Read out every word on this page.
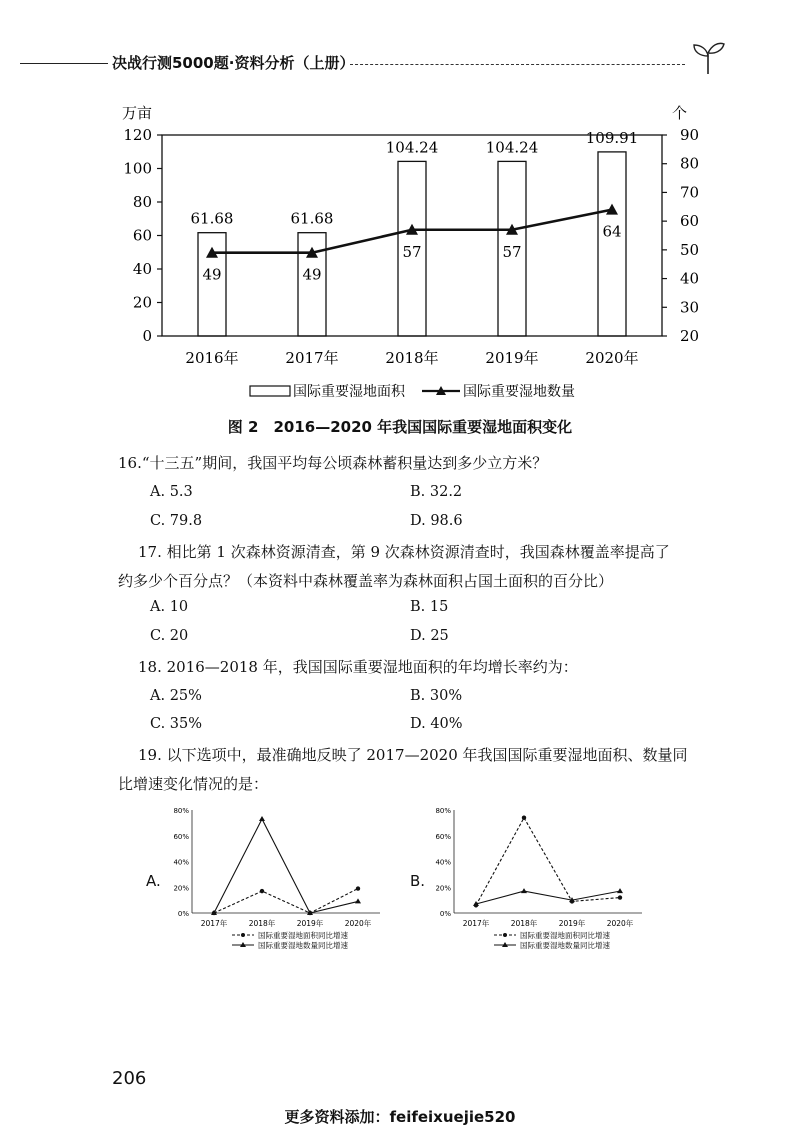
决战行测5000题·资料分析（上册）
万亩	个
0
20
40
60
80
100
120
20
30
40
50
60
70
80
90
61.68	61.68
104.24	104.24
109.91
49	49
57	57
64
2016年	2017年	2018年	2019年	2020年
国际重要湿地面积	国际重要湿地数量
图 2　2016—2020 年我国国际重要湿地面积变化
16.“十三五”期间，我国平均每公顷森林蓄积量达到多少立方米？
A. 5.3	B. 32.2
C. 79.8	D. 98.6
17. 相比第 1 次森林资源清查，第 9 次森林资源清查时，我国森林覆盖率提高了
约多少个百分点？（本资料中森林覆盖率为森林面积占国土面积的百分比）
A. 10	B. 15
C. 20	D. 25
18. 2016—2018 年，我国国际重要湿地面积的年均增长率约为：
A. 25%	B. 30%
C. 35%	D. 40%
19. 以下选项中，最准确地反映了 2017—2020 年我国国际重要湿地面积、数量同
比增速变化情况的是：
A.
0%
20%
40%
60%
80%
2017年	2018年	2019年	2020年
国际重要湿地面积同比增速
国际重要湿地数量同比增速
B.
0%
20%
40%
60%
80%
2017年	2018年	2019年	2020年
国际重要湿地面积同比增速
国际重要湿地数量同比增速
206
更多资料添加：feifeixuejie520
